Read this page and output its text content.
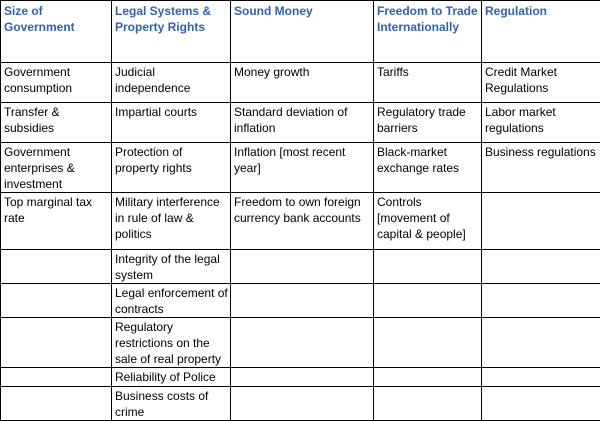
Size of Government	Legal Systems & Property Rights	Sound Money	Freedom to Trade Internationally	Regulation
Government consumption	Judicial independence	Money growth	Tariffs	Credit Market Regulations
Transfer & subsidies	Impartial courts	Standard deviation of inflation	Regulatory trade barriers	Labor market regulations
Government enterprises & investment	Protection of property rights	Inflation [most recent year]	Black-market exchange rates	Business regulations
Top marginal tax rate	Military interference in rule of law & politics	Freedom to own foreign currency bank accounts	Controls [movement of capital & people]	
	Integrity of the legal system			
	Legal enforcement of contracts			
	Regulatory restrictions on the sale of real property			
	Reliability of Police			
	Business costs of crime			
